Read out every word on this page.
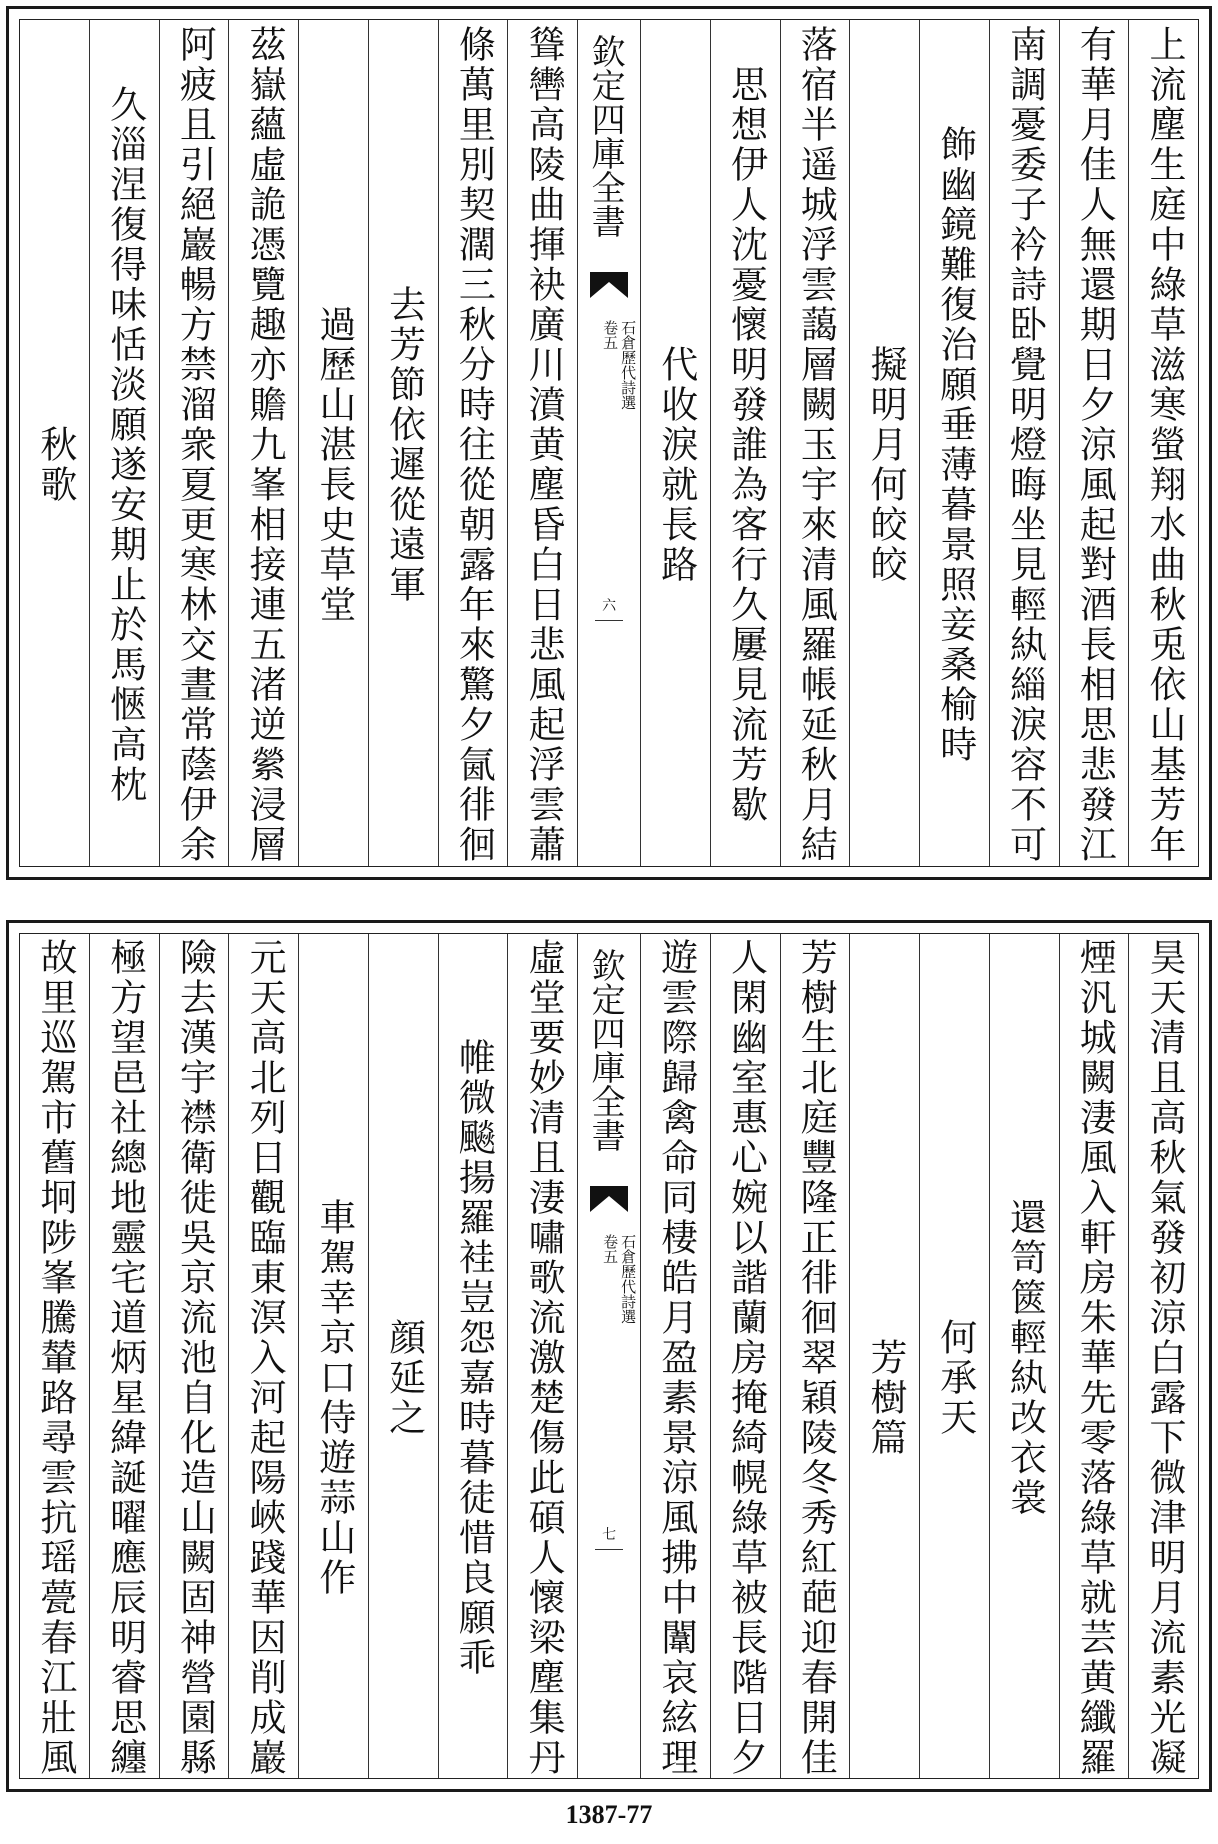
上流塵生庭中綠草滋寒螢翔水曲秋兎依山基芳年
有華月佳人無還期日夕涼風起對酒長相思悲發江
南調憂委子衿詩卧覺明燈晦坐見輕紈緇淚容不可
飾幽鏡難復治願垂薄暮景照妾桑榆時
　擬明月何皎皎
落宿半遥城浮雲藹層闕玉宇來清風羅帳延秋月結
思想伊人沈憂懷明發誰為客行久屢見流芳歇
　代收淚就長路
欽定四庫全書
石倉歷代詩選
卷五
六
聳轡高陵曲揮袂廣川濆黄塵昏白日悲風起浮雲蕭
條萬里別契濶三秋分時往從朝露年來驚夕氤徘徊
去芳節依遲從遠軍
　過歷山湛長史草堂
茲嶽蘊虛詭憑覽趣亦贍九峯相接連五渚逆縈浸層
阿疲且引絕巖暢方禁溜衆夏更寒林交晝常蔭伊余
久淄涅復得味恬淡願遂安期止於馬愜高枕
　秋歌
昊天清且高秋氣發初涼白露下微津明月流素光凝
煙汎城闕淒風入軒房朱華先零落綠草就芸黄纖羅
還笥篋輕紈改衣裳
　何承天
　　芳樹篇
芳樹生北庭豐隆正徘徊翠穎陵冬秀紅葩迎春開佳
人閑幽室惠心婉以諧蘭房掩綺幌綠草被長階日夕
遊雲際歸禽命同棲皓月盈素景涼風拂中闈哀絃理
欽定四庫全書
石倉歷代詩選
卷五
七
虛堂要妙清且淒嘯歌流激楚傷此碩人懷梁塵集丹
帷微飈揚羅袿豈怨嘉時暮徒惜良願乖
　顔延之
　　車駕幸京口侍遊蒜山作
元天高北列日觀臨東溟入河起陽峽踐華因削成巖
險去漢宇襟衛徙吳京流池自化造山闕固神營園縣
極方望邑社總地靈宅道炳星緯誕曜應辰明睿思纏
故里巡駕市舊坰陟峯騰輦路尋雲抗瑶甍春江壯風
1387-77
